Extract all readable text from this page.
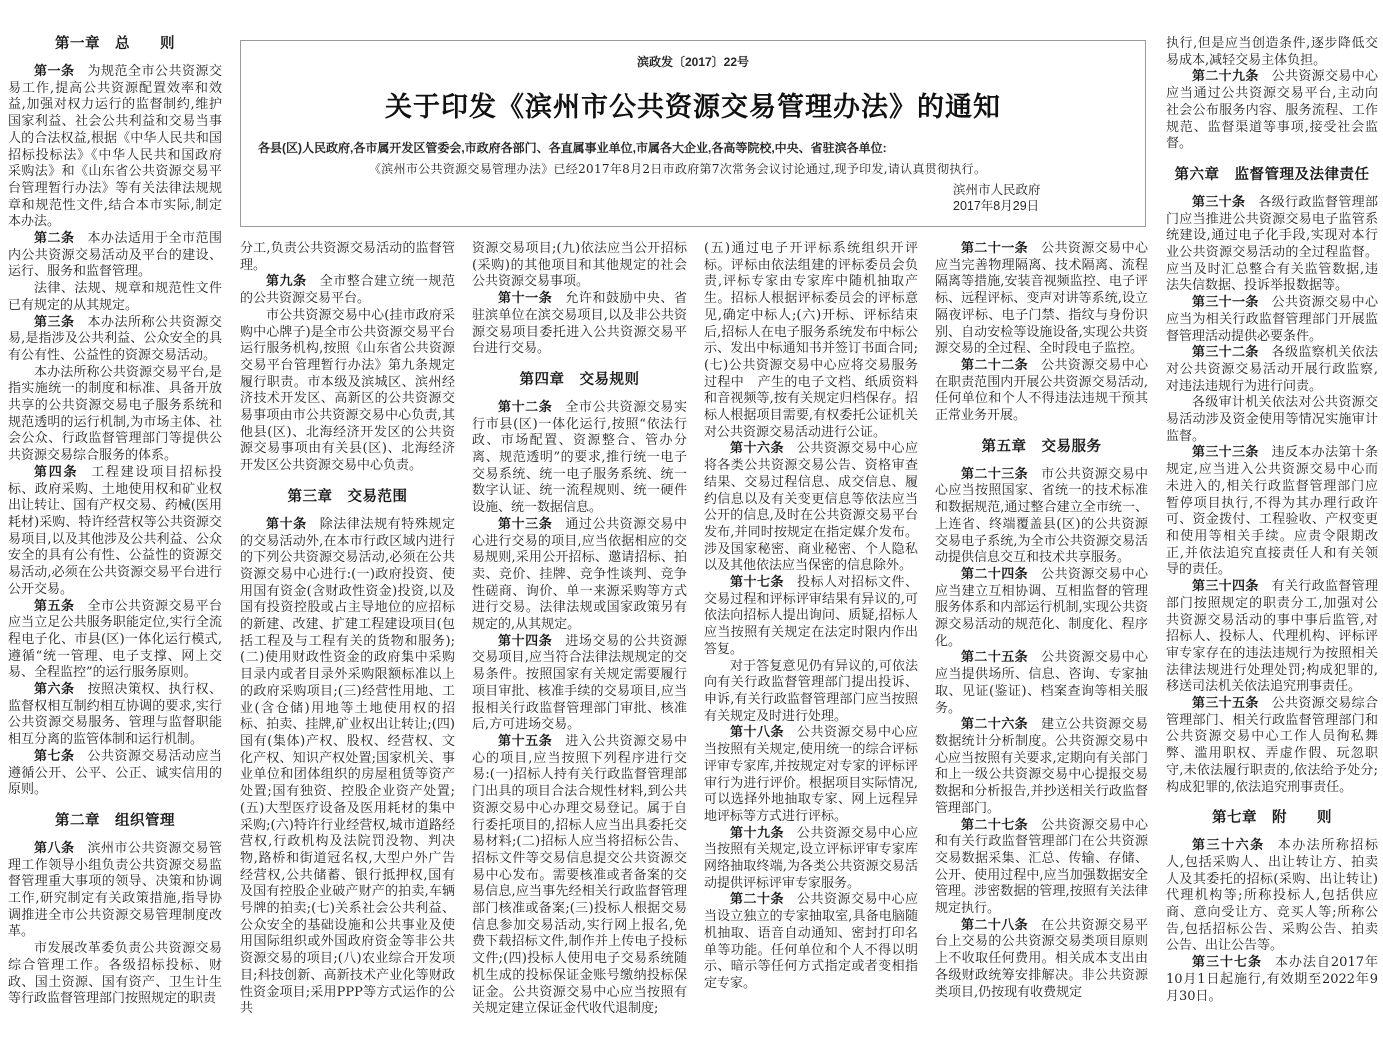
滨政发〔2017〕22号
关于印发《滨州市公共资源交易管理办法》的通知
各县(区)人民政府,各市属开发区管委会,市政府各部门、各直属事业单位,市属各大企业,各高等院校,中央、省驻滨各单位:
《滨州市公共资源交易管理办法》已经2017年8月2日市政府第7次常务会议讨论通过,现予印发,请认真贯彻执行。
滨州市人民政府
2017年8月29日
第一章　总　　则

第一条 为规范全市公共资源交易工作,提高公共资源配置效率和效益,加强对权力运行的监督制约,维护国家利益、社会公共利益和交易当事人的合法权益,根据《中华人民共和国招标投标法》《中华人民共和国政府采购法》和《山东省公共资源交易平台管理暂行办法》等有关法律法规规章和规范性文件,结合本市实际,制定本办法。

第二条 本办法适用于全市范围内公共资源交易活动及平台的建设、运行、服务和监督管理。

法律、法规、规章和规范性文件已有规定的从其规定。

第三条 本办法所称公共资源交易,是指涉及公共利益、公众安全的具有公有性、公益性的资源交易活动。

本办法所称公共资源交易平台,是指实施统一的制度和标准、具备开放共享的公共资源交易电子服务系统和规范透明的运行机制,为市场主体、社会公众、行政监督管理部门等提供公共资源交易综合服务的体系。

第四条 工程建设项目招标投标、政府采购、土地使用权和矿业权出让转让、国有产权交易、药械(医用耗材)采购、特许经营权等公共资源交易项目,以及其他涉及公共利益、公众安全的具有公有性、公益性的资源交易活动,必须在公共资源交易平台进行公开交易。

第五条 全市公共资源交易平台应当立足公共服务职能定位,实行全流程电子化、市县(区)一体化运行模式,遵循“统一管理、电子支撑、网上交易、全程监控”的运行服务原则。

第六条 按照决策权、执行权、监督权相互制约相互协调的要求,实行公共资源交易服务、管理与监督职能相互分离的监管体制和运行机制。

第七条 公共资源交易活动应当遵循公开、公平、公正、诚实信用的原则。

第二章　组织管理

第八条 滨州市公共资源交易管理工作领导小组负责公共资源交易监督管理重大事项的领导、决策和协调工作,研究制定有关政策措施,指导协调推进全市公共资源交易管理制度改革。

市发展改革委负责公共资源交易综合管理工作。各级招标投标、财政、国土资源、国有资产、卫生计生等行政监督管理部门按照规定的职责

分工,负责公共资源交易活动的监督管理。

第九条 全市整合建立统一规范的公共资源交易平台。

市公共资源交易中心(挂市政府采购中心牌子)是全市公共资源交易平台运行服务机构,按照《山东省公共资源交易平台管理暂行办法》第九条规定履行职责。市本级及滨城区、滨州经济技术开发区、高新区的公共资源交易事项由市公共资源交易中心负责,其他县(区)、北海经济开发区的公共资源交易事项由有关县(区)、北海经济开发区公共资源交易中心负责。

第三章　交易范围

第十条 除法律法规有特殊规定的交易活动外,在本市行政区域内进行的下列公共资源交易活动,必须在公共资源交易中心进行:(一)政府投资、使用国有资金(含财政性资金)投资,以及国有投资控股或占主导地位的应招标的新建、改建、扩建工程建设项目(包括工程及与工程有关的货物和服务);(二)使用财政性资金的政府集中采购目录内或者目录外采购限额标准以上的政府采购项目;(三)经营性用地、工业(含仓储)用地等土地使用权的招标、拍卖、挂牌,矿业权出让转让;(四)国有(集体)产权、股权、经营权、文化产权、知识产权处置;国家机关、事业单位和团体组织的房屋租赁等资产处置;国有独资、控股企业资产处置;(五)大型医疗设备及医用耗材的集中采购;(六)特许行业经营权,城市道路经营权,行政机构及法院罚没物、判决物,路桥和街道冠名权,大型户外广告经营权,公共储蓄、银行抵押权,国有及国有控股企业破产财产的拍卖,车辆号牌的拍卖;(七)关系社会公共利益、公众安全的基础设施和公共事业及使用国际组织或外国政府资金等非公共资源交易的项目;(八)农业综合开发项目;科技创新、高新技术产业化等财政性资金项目;采用PPP等方式运作的公共

资源交易项目;(九)依法应当公开招标(采购)的其他项目和其他规定的社会公共资源交易事项。

第十一条 允许和鼓励中央、省驻滨单位在滨交易项目,以及非公共资源交易项目委托进入公共资源交易平台进行交易。

第四章　交易规则

第十二条 全市公共资源交易实行市县(区)一体化运行,按照“依法行政、市场配置、资源整合、管办分离、规范透明”的要求,推行统一电子交易系统、统一电子服务系统、统一数字认证、统一流程规则、统一硬件设施、统一数据信息。

第十三条 通过公共资源交易中心进行交易的项目,应当依据相应的交易规则,采用公开招标、邀请招标、拍卖、竞价、挂牌、竞争性谈判、竞争性磋商、询价、单一来源采购等方式进行交易。法律法规或国家政策另有规定的,从其规定。

第十四条 进场交易的公共资源交易项目,应当符合法律法规规定的交易条件。按照国家有关规定需要履行项目审批、核准手续的交易项目,应当报相关行政监督管理部门审批、核准后,方可进场交易。

第十五条 进入公共资源交易中心的项目,应当按照下列程序进行交易:(一)招标人持有关行政监督管理部门出具的项目合法合规性材料,到公共资源交易中心办理交易登记。属于自行委托项目的,招标人应当出具委托交易材料;(二)招标人应当将招标公告、招标文件等交易信息提交公共资源交易中心发布。需要核准或者备案的交易信息,应当事先经相关行政监督管理部门核准或备案;(三)投标人根据交易信息参加交易活动,实行网上报名,免费下载招标文件,制作并上传电子投标文件;(四)投标人使用电子交易系统随机生成的投标保证金账号缴纳投标保证金。公共资源交易中心应当按照有关规定建立保证金代收代退制度;

(五)通过电子开评标系统组织开评标。评标由依法组建的评标委员会负责,评标专家由专家库中随机抽取产生。招标人根据评标委员会的评标意见,确定中标人;(六)开标、评标结束后,招标人在电子服务系统发布中标公示、发出中标通知书并签订书面合同;(七)公共资源交易中心应将交易服务过程中　产生的电子文档、纸质资料和音视频等,按有关规定归档保存。招标人根据项目需要,有权委托公证机关对公共资源交易活动进行公证。

第十六条 公共资源交易中心应将各类公共资源交易公告、资格审查结果、交易过程信息、成交信息、履约信息以及有关变更信息等依法应当公开的信息,及时在公共资源交易平台发布,并同时按规定在指定媒介发布。涉及国家秘密、商业秘密、个人隐私以及其他依法应当保密的信息除外。

第十七条 投标人对招标文件、交易过程和评标评审结果有异议的,可依法向招标人提出询问、质疑,招标人应当按照有关规定在法定时限内作出答复。

对于答复意见仍有异议的,可依法向有关行政监督管理部门提出投诉、申诉,有关行政监督管理部门应当按照有关规定及时进行处理。

第十八条 公共资源交易中心应当按照有关规定,使用统一的综合评标评审专家库,并按规定对专家的评标评审行为进行评价。根据项目实际情况,可以选择外地抽取专家、网上远程异地评标等方式进行评标。

第十九条 公共资源交易中心应当按照有关规定,设立评标评审专家库网络抽取终端,为各类公共资源交易活动提供评标评审专家服务。

第二十条 公共资源交易中心应当设立独立的专家抽取室,具备电脑随机抽取、语音自动通知、密封打印名单等功能。任何单位和个人不得以明示、暗示等任何方式指定或者变相指定专家。

第二十一条 公共资源交易中心应当完善物理隔离、技术隔离、流程隔离等措施,安装音视频监控、电子评标、远程评标、变声对讲等系统,设立隔夜评标、电子门禁、指纹与身份识别、自动安检等设施设备,实现公共资源交易的全过程、全时段电子监控。

第二十二条 公共资源交易中心在职责范围内开展公共资源交易活动,任何单位和个人不得违法违规干预其正常业务开展。

第五章　交易服务

第二十三条 市公共资源交易中心应当按照国家、省统一的技术标准和数据规范,通过整合建立全市统一、上连省、终端覆盖县(区)的公共资源交易电子系统,为全市公共资源交易活动提供信息交互和技术共享服务。

第二十四条 公共资源交易中心应当建立互相协调、互相监督的管理服务体系和内部运行机制,实现公共资源交易活动的规范化、制度化、程序化。

第二十五条 公共资源交易中心应当提供场所、信息、咨询、专家抽取、见证(鉴证)、档案查询等相关服务。

第二十六条 建立公共资源交易数据统计分析制度。公共资源交易中心应当按照有关要求,定期向有关部门和上一级公共资源交易中心提报交易数据和分析报告,并抄送相关行政监督管理部门。

第二十七条 公共资源交易中心和有关行政监督管理部门在公共资源交易数据采集、汇总、传输、存储、公开、使用过程中,应当加强数据安全管理。涉密数据的管理,按照有关法律规定执行。

第二十八条 在公共资源交易平台上交易的公共资源交易类项目原则上不收取任何费用。相关成本支出由各级财政统筹安排解决。非公共资源类项目,仍按现有收费规定

执行,但是应当创造条件,逐步降低交易成本,减轻交易主体负担。

第二十九条 公共资源交易中心应当通过公共资源交易平台,主动向社会公布服务内容、服务流程、工作规范、监督渠道等事项,接受社会监督。

第六章　监督管理及法律责任

第三十条 各级行政监督管理部门应当推进公共资源交易电子监管系统建设,通过电子化手段,实现对本行业公共资源交易活动的全过程监督。应当及时汇总整合有关监管数据,违法失信数据、投诉举报数据等。

第三十一条 公共资源交易中心应当为相关行政监督管理部门开展监督管理活动提供必要条件。

第三十二条 各级监察机关依法对公共资源交易活动开展行政监察,对违法违规行为进行问责。

各级审计机关依法对公共资源交易活动涉及资金使用等情况实施审计监督。

第三十三条 违反本办法第十条规定,应当进入公共资源交易中心而未进入的,相关行政监督管理部门应暂停项目执行,不得为其办理行政许可、资金拨付、工程验收、产权变更和使用等相关手续。应责令限期改正,并依法追究直接责任人和有关领导的责任。

第三十四条 有关行政监督管理部门按照规定的职责分工,加强对公共资源交易活动的事中事后监管,对招标人、投标人、代理机构、评标评审专家存在的违法违规行为按照相关法律法规进行处理处罚;构成犯罪的,移送司法机关依法追究刑事责任。

第三十五条 公共资源交易综合管理部门、相关行政监督管理部门和公共资源交易中心工作人员徇私舞弊、滥用职权、弄虚作假、玩忽职守,未依法履行职责的,依法给予处分;构成犯罪的,依法追究刑事责任。

第七章　附　　则

第三十六条 本办法所称招标人,包括采购人、出让转让方、拍卖人及其委托的招标(采购、出让转让)代理机构等;所称投标人,包括供应商、意向受让方、竞买人等;所称公告,包括招标公告、采购公告、拍卖公告、出让公告等。

第三十七条 本办法自2017年10月1日起施行,有效期至2022年9月30日。
